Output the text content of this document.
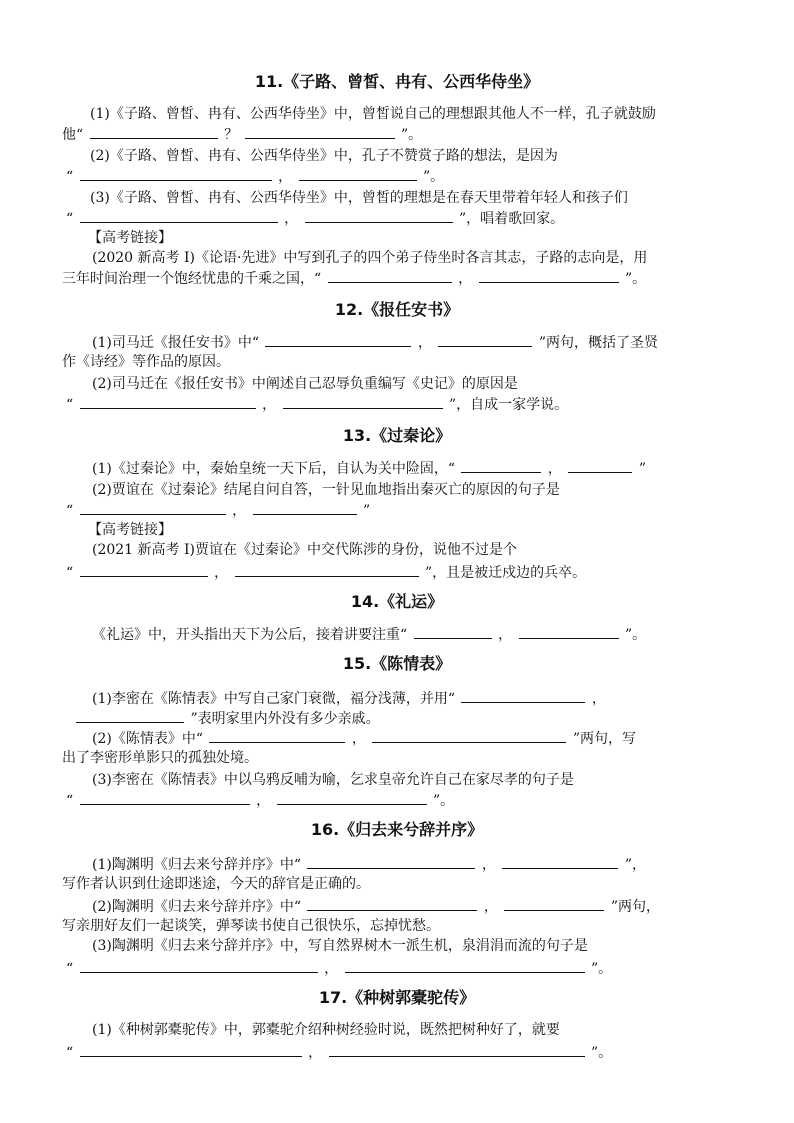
11.《子路、曾皙、冉有、公西华侍坐》
(1)《子路、曾皙、冉有、公西华侍坐》中，曾皙说自己的理想跟其他人不一样，孔子就鼓励
他“	？	”。
(2)《子路、曾皙、冉有、公西华侍坐》中，孔子不赞赏子路的想法，是因为
“	，	”。
(3)《子路、曾皙、冉有、公西华侍坐》中，曾皙的理想是在春天里带着年轻人和孩子们
“	，	”，唱着歌回家。
【高考链接】
(2020 新高考 I)《论语·先进》中写到孔子的四个弟子侍坐时各言其志，子路的志向是，用
三年时间治理一个饱经忧患的千乘之国，“	，	”。
12.《报任安书》
(1)司马迁《报任安书》中“	，	”两句，概括了圣贤
作《诗经》等作品的原因。
(2)司马迁在《报任安书》中阐述自己忍辱负重编写《史记》的原因是
“	，	”，自成一家学说。
13.《过秦论》
(1)《过秦论》中，秦始皇统一天下后，自认为关中险固，“	，	”
(2)贾谊在《过秦论》结尾自问自答，一针见血地指出秦灭亡的原因的句子是
“	，	”
【高考链接】
(2021 新高考 I)贾谊在《过秦论》中交代陈涉的身份，说他不过是个
“	，	”，且是被迁戍边的兵卒。
14.《礼运》
《礼运》中，开头指出天下为公后，接着讲要注重“	，	”。
15.《陈情表》
(1)李密在《陈情表》中写自己家门衰微，福分浅薄，并用“	，
”表明家里内外没有多少亲戚。
(2)《陈情表》中“	，	”两句，写
出了李密形单影只的孤独处境。
(3)李密在《陈情表》中以乌鸦反哺为喻，乞求皇帝允许自己在家尽孝的句子是
“	，	”。
16.《归去来兮辞并序》
(1)陶渊明《归去来兮辞并序》中“	，	”，
写作者认识到仕途即迷途，今天的辞官是正确的。
(2)陶渊明《归去来兮辞并序》中“	，	”两句，
写亲朋好友们一起谈笑，弹琴读书使自己很快乐，忘掉忧愁。
(3)陶渊明《归去来兮辞并序》中，写自然界树木一派生机，泉涓涓而流的句子是
“	，	”。
17.《种树郭橐驼传》
(1)《种树郭橐驼传》中，郭橐驼介绍种树经验时说，既然把树种好了，就要
“	，	”。
